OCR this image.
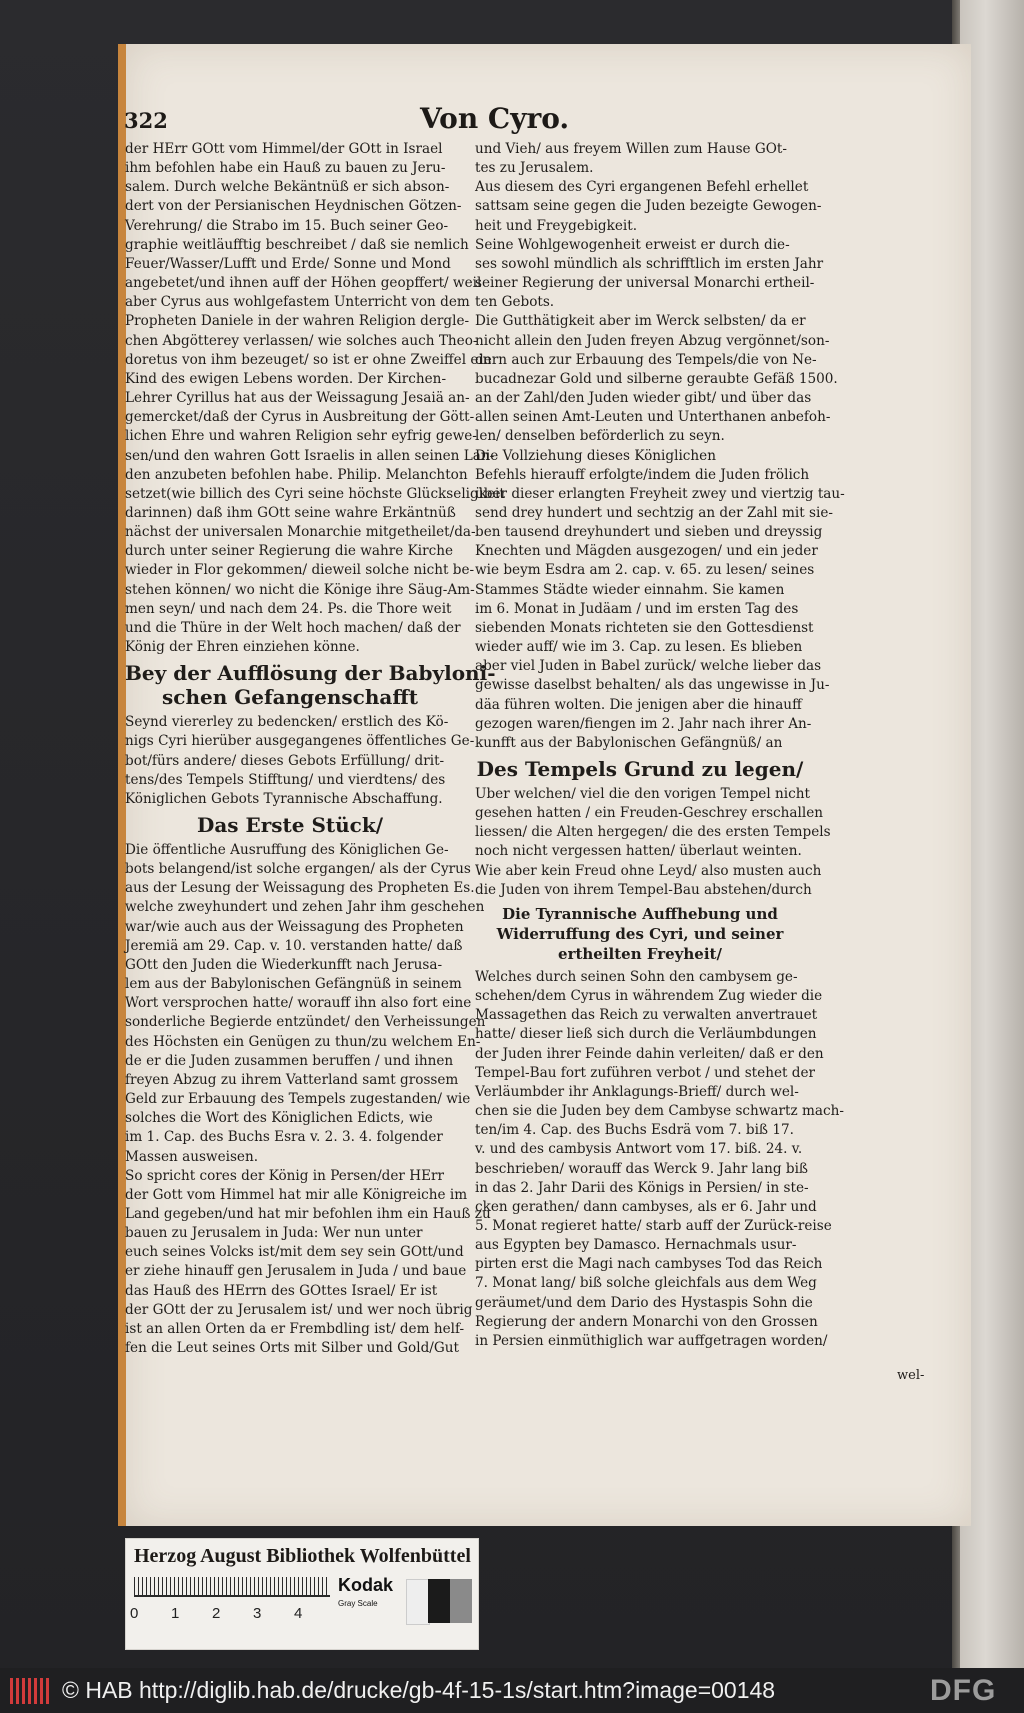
322	Von Cyro.

der HErr GOtt vom Himmel/der GOtt in Israel
ihm befohlen habe ein Hauß zu bauen zu Jeru-
salem. Durch welche Bekäntnüß er sich abson-
dert von der Persianischen Heydnischen Götzen-
Verehrung/ die Strabo im 15. Buch seiner Geo-
graphie weitläufftig beschreibet / daß sie nemlich
Feuer/Wasser/Lufft und Erde/ Sonne und Mond
angebetet/und ihnen auff der Höhen geopffert/ weil
aber Cyrus aus wohlgefastem Unterricht von dem
Propheten Daniele in der wahren Religion dergle-
chen Abgötterey verlassen/ wie solches auch Theo-
doretus von ihm bezeuget/ so ist er ohne Zweiffel ein
Kind des ewigen Lebens worden. Der Kirchen-
Lehrer Cyrillus hat aus der Weissagung Jesaiä an-
gemercket/daß der Cyrus in Ausbreitung der Gött-
lichen Ehre und wahren Religion sehr eyfrig gewe-
sen/und den wahren Gott Israelis in allen seinen Lan-
den anzubeten befohlen habe. Philip. Melanchton
setzet(wie billich des Cyri seine höchste Glückseligkeit
darinnen) daß ihm GOtt seine wahre Erkäntnüß
nächst der universalen Monarchie mitgetheilet/da-
durch unter seiner Regierung die wahre Kirche
wieder in Flor gekommen/ dieweil solche nicht be-
stehen können/ wo nicht die Könige ihre Säug-Am-
men seyn/ und nach dem 24. Ps. die Thore weit
und die Thüre in der Welt hoch machen/ daß der
König der Ehren einziehen könne.

Bey der Aufflösung der Babyloni-
schen Gefangenschafft

Seynd viererley zu bedencken/ erstlich des Kö-
nigs Cyri hierüber ausgegangenes öffentliches Ge-
bot/fürs andere/ dieses Gebots Erfüllung/ drit-
tens/des Tempels Stifftung/ und vierdtens/ des
Königlichen Gebots Tyrannische Abschaffung.

Das Erste Stück/

Die öffentliche Ausruffung des Königlichen Ge-
bots belangend/ist solche ergangen/ als der Cyrus
aus der Lesung der Weissagung des Propheten Es.
welche zweyhundert und zehen Jahr ihm geschehen
war/wie auch aus der Weissagung des Propheten
Jeremiä am 29. Cap. v. 10. verstanden hatte/ daß
GOtt den Juden die Wiederkunfft nach Jerusa-
lem aus der Babylonischen Gefängnüß in seinem
Wort versprochen hatte/ worauff ihn also fort eine
sonderliche Begierde entzündet/ den Verheissungen
des Höchsten ein Genügen zu thun/zu welchem En-
de er die Juden zusammen beruffen / und ihnen
freyen Abzug zu ihrem Vatterland samt grossem
Geld zur Erbauung des Tempels zugestanden/ wie
solches die Wort des Königlichen Edicts, wie
im 1. Cap. des Buchs Esra v. 2. 3. 4. folgender
Massen ausweisen.

So spricht cores der König in Persen/der HErr
der Gott vom Himmel hat mir alle Königreiche im
Land gegeben/und hat mir befohlen ihm ein Hauß zu
bauen zu Jerusalem in Juda: Wer nun unter
euch seines Volcks ist/mit dem sey sein GOtt/und
er ziehe hinauff gen Jerusalem in Juda / und baue
das Hauß des HErrn des GOttes Israel/ Er ist
der GOtt der zu Jerusalem ist/ und wer noch übrig
ist an allen Orten da er Frembdling ist/ dem helf-
fen die Leut seines Orts mit Silber und Gold/Gut

und Vieh/ aus freyem Willen zum Hause GOt-
tes zu Jerusalem.

Aus diesem des Cyri ergangenen Befehl erhellet
sattsam seine gegen die Juden bezeigte Gewogen-
heit und Freygebigkeit.

Seine Wohlgewogenheit erweist er durch die-
ses sowohl mündlich als schrifftlich im ersten Jahr
seiner Regierung der universal Monarchi ertheil-
ten Gebots.

Die Gutthätigkeit aber im Werck selbsten/ da er
nicht allein den Juden freyen Abzug vergönnet/son-
dern auch zur Erbauung des Tempels/die von Ne-
bucadnezar Gold und silberne geraubte Gefäß 1500.
an der Zahl/den Juden wieder gibt/ und über das
allen seinen Amt-Leuten und Unterthanen anbefoh-
len/ denselben beförderlich zu seyn.

Die Vollziehung dieses Königlichen
Befehls hierauff erfolgte/indem die Juden frölich
über dieser erlangten Freyheit zwey und viertzig tau-
send drey hundert und sechtzig an der Zahl mit sie-
ben tausend dreyhundert und sieben und dreyssig
Knechten und Mägden ausgezogen/ und ein jeder
wie beym Esdra am 2. cap. v. 65. zu lesen/ seines
Stammes Städte wieder einnahm. Sie kamen
im 6. Monat in Judäam / und im ersten Tag des
siebenden Monats richteten sie den Gottesdienst
wieder auff/ wie im 3. Cap. zu lesen. Es blieben
aber viel Juden in Babel zurück/ welche lieber das
gewisse daselbst behalten/ als das ungewisse in Ju-
däa führen wolten. Die jenigen aber die hinauff
gezogen waren/fiengen im 2. Jahr nach ihrer An-
kunfft aus der Babylonischen Gefängnüß/ an

Des Tempels Grund zu legen/

Uber welchen/ viel die den vorigen Tempel nicht
gesehen hatten / ein Freuden-Geschrey erschallen
liessen/ die Alten hergegen/ die des ersten Tempels
noch nicht vergessen hatten/ überlaut weinten.

Wie aber kein Freud ohne Leyd/ also musten auch
die Juden von ihrem Tempel-Bau abstehen/durch

Die Tyrannische Auffhebung und
Widerruffung des Cyri, und seiner
ertheilten Freyheit/

Welches durch seinen Sohn den cambysem ge-
schehen/dem Cyrus in währendem Zug wieder die
Massagethen das Reich zu verwalten anvertrauet
hatte/ dieser ließ sich durch die Verläumbdungen
der Juden ihrer Feinde dahin verleiten/ daß er den
Tempel-Bau fort zuführen verbot / und stehet der
Verläumbder ihr Anklagungs-Brieff/ durch wel-
chen sie die Juden bey dem Cambyse schwartz mach-
ten/im 4. Cap. des Buchs Esdrä vom 7. biß 17.
v. und des cambysis Antwort vom 17. biß. 24. v.
beschrieben/ worauff das Werck 9. Jahr lang biß
in das 2. Jahr Darii des Königs in Persien/ in ste-
cken gerathen/ dann cambyses, als er 6. Jahr und
5. Monat regieret hatte/ starb auff der Zurück-reise
aus Egypten bey Damasco. Hernachmals usur-
pirten erst die Magi nach cambyses Tod das Reich
7. Monat lang/ biß solche gleichfals aus dem Weg
geräumet/und dem Dario des Hystaspis Sohn die
Regierung der andern Monarchi von den Grossen
in Persien einmüthiglich war auffgetragen worden/

wel-
Herzog August Bibliothek Wolfenbüttel
0 1 2 3 4
Kodak
Gray Scale
© HAB http://diglib.hab.de/drucke/gb-4f-15-1s/start.htm?image=00148	DFG
